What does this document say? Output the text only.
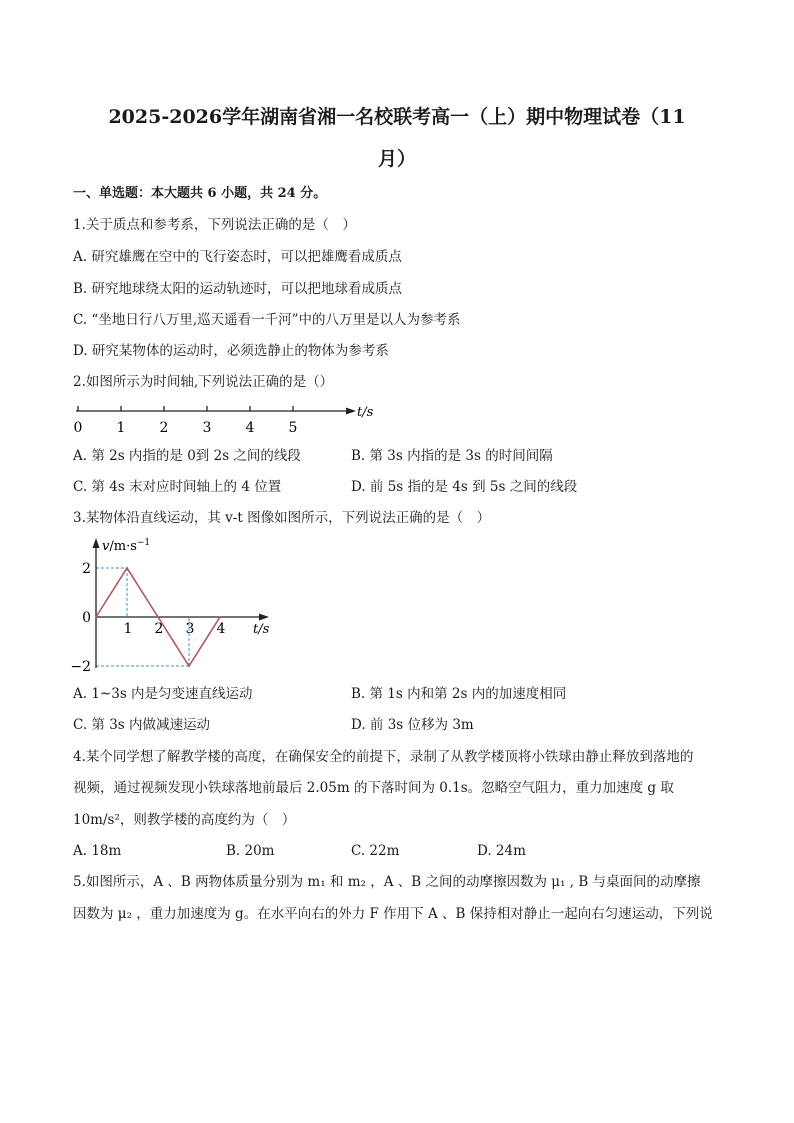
2025-2026学年湖南省湘一名校联考高一（上）期中物理试卷（11
月）
一、单选题：本大题共 6 小题，共 24 分。
1.关于质点和参考系，下列说法正确的是（　）
A. 研究雄鹰在空中的飞行姿态时，可以把雄鹰看成质点
B. 研究地球绕太阳的运动轨迹时，可以把地球看成质点
C. “坐地日行八万里,巡天遥看一千河”中的八万里是以人为参考系
D. 研究某物体的运动时，必须选静止的物体为参考系
2.如图所示为时间轴,下列说法正确的是（）
0 1 2 3 4 5
t/s
A. 第 2s 内指的是 0到 2s 之间的线段	B. 第 3s 内指的是 3s 的时间间隔
C. 第 4s 末对应时间轴上的 4 位置	D. 前 5s 指的是 4s 到 5s 之间的线段
3.某物体沿直线运动，其 v-t 图像如图所示，下列说法正确的是（　）
1 2 3 4
2
0
−2
$v/m\cdot s^{-1}$
t/s
A. 1~3s 内是匀变速直线运动	B. 第 1s 内和第 2s 内的加速度相同
C. 第 3s 内做减速运动	D. 前 3s 位移为 3m
4.某个同学想了解教学楼的高度，在确保安全的前提下，录制了从教学楼顶将小铁球由静止释放到落地的
视频，通过视频发现小铁球落地前最后 2.05m 的下落时间为 0.1s。忽略空气阻力，重力加速度 g 取
10m/s²，则教学楼的高度约为（　）
A. 18m	B. 20m	C. 22m	D. 24m
5.如图所示，A 、B 两物体质量分别为 m₁ 和 m₂ ，A 、B 之间的动摩擦因数为 μ₁ , B 与桌面间的动摩擦
因数为 μ₂ ，重力加速度为 g。在水平向右的外力 F 作用下 A 、B 保持相对静止一起向右匀速运动，下列说
